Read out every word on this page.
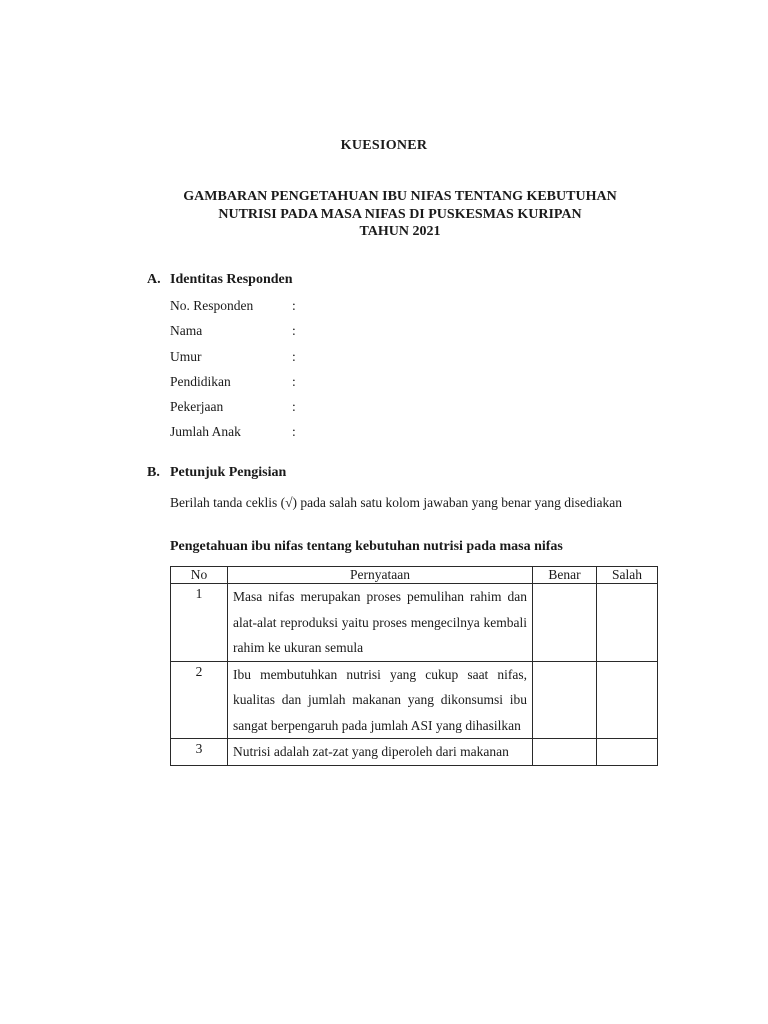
KUESIONER
GAMBARAN PENGETAHUAN IBU NIFAS TENTANG KEBUTUHAN
NUTRISI PADA MASA NIFAS DI PUSKESMAS KURIPAN
TAHUN 2021
A. Identitas Responden
No. Responden	:
Nama	:
Umur	:
Pendidikan	:
Pekerjaan	:
Jumlah Anak	:
B. Petunjuk Pengisian
Berilah tanda ceklis (√) pada salah satu kolom jawaban yang benar yang disediakan
Pengetahuan ibu nifas tentang kebutuhan nutrisi pada masa nifas
No	Pernyataan	Benar	Salah
1	Masa nifas merupakan proses pemulihan rahim dan alat-alat reproduksi yaitu proses mengecilnya kembali rahim ke ukuran semula		
2	Ibu membutuhkan nutrisi yang cukup saat nifas, kualitas dan jumlah makanan yang dikonsumsi ibu sangat berpengaruh pada jumlah ASI yang dihasilkan		
3	Nutrisi adalah zat-zat yang diperoleh dari makanan		
